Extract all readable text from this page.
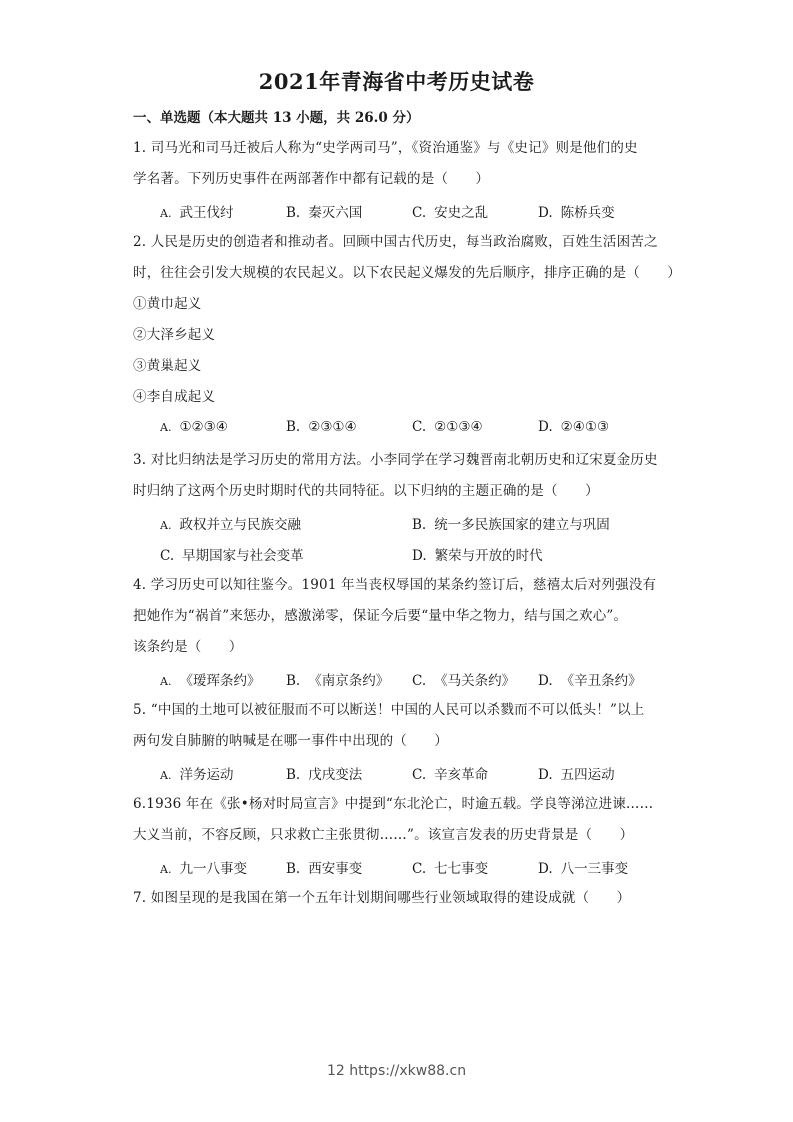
2021年青海省中考历史试卷
一、单选题（本大题共 13 小题，共 26.0 分）
1. 司马光和司马迁被后人称为“史学两司马”，《资治通鉴》与《史记》则是他们的史
学名著。下列历史事件在两部著作中都有记载的是（　　）
A. 武王伐纣	B. 秦灭六国	C. 安史之乱	D. 陈桥兵变
2. 人民是历史的创造者和推动者。回顾中国古代历史，每当政治腐败，百姓生活困苦之
时，往往会引发大规模的农民起义。以下农民起义爆发的先后顺序，排序正确的是（　　）
①黄巾起义
②大泽乡起义
③黄巢起义
④李自成起义
A. ①②③④	B. ②③①④	C. ②①③④	D. ②④①③
3. 对比归纳法是学习历史的常用方法。小李同学在学习魏晋南北朝历史和辽宋夏金历史
时归纳了这两个历史时期时代的共同特征。以下归纳的主题正确的是（　　）
A. 政权并立与民族交融	B. 统一多民族国家的建立与巩固
C. 早期国家与社会变革	D. 繁荣与开放的时代
4. 学习历史可以知往鉴今。1901 年当丧权辱国的某条约签订后，慈禧太后对列强没有
把她作为“祸首”来惩办，感激涕零，保证今后要“量中华之物力，结与国之欢心”。
该条约是（　　）
A. 《瑷珲条约》 B. 《南京条约》 C. 《马关条约》 D. 《辛丑条约》
5. “中国的土地可以被征服而不可以断送！中国的人民可以杀戮而不可以低头！”以上
两句发自肺腑的呐喊是在哪一事件中出现的（　　）
A. 洋务运动	B. 戊戌变法	C. 辛亥革命	D. 五四运动
6.1936 年在《张•杨对时局宣言》中提到“东北沦亡，时逾五载。学良等涕泣进谏……
大义当前，不容反顾，只求救亡主张贯彻……”。该宣言发表的历史背景是（　　）
A. 九一八事变	B. 西安事变	C. 七七事变	D. 八一三事变
7. 如图呈现的是我国在第一个五年计划期间哪些行业领域取得的建设成就（　　）
12 https://xkw88.cn
